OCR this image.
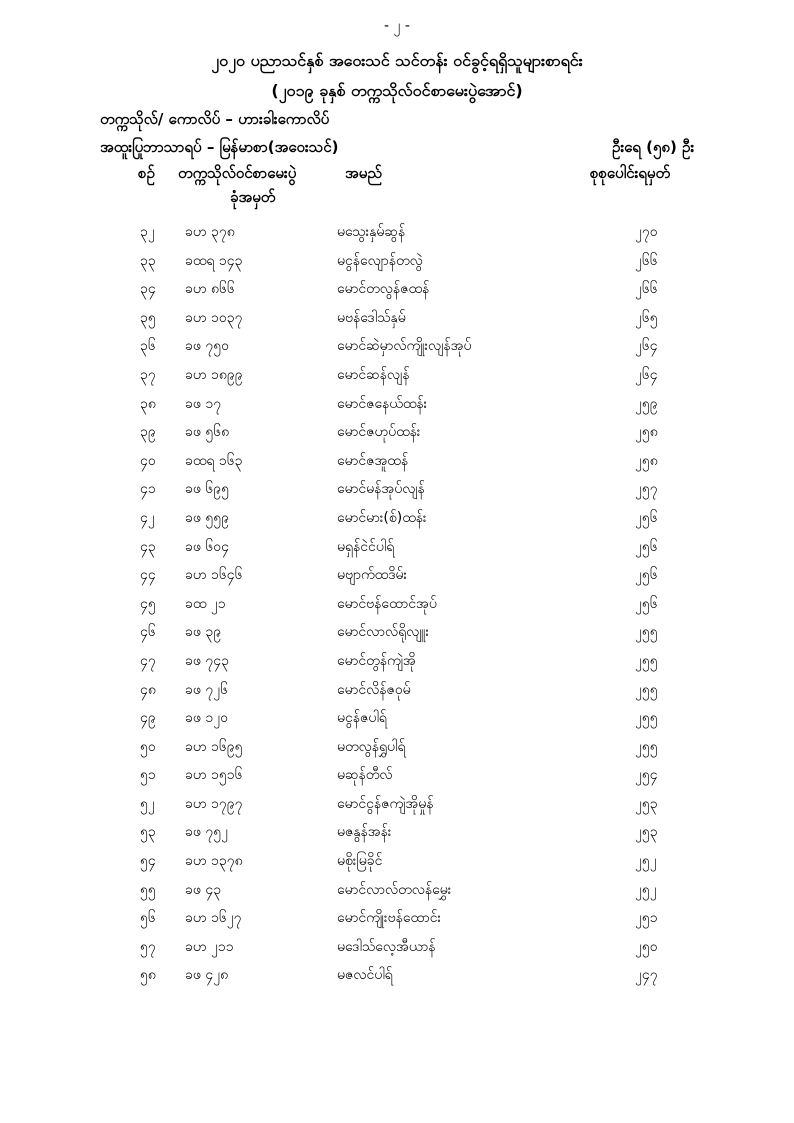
- ၂ -
၂၀၂၀ ပညာသင်နှစ် အဝေးသင် သင်တန်း ဝင်ခွင့်ရရှိသူများစာရင်း
(၂၀၁၉ ခုနှစ် တက္ကသိုလ်ဝင်စာမေးပွဲအောင်)
တက္ကသိုလ်/ ကောလိပ် – ဟားခါးကောလိပ်
အထူးပြုဘာသာရပ် – မြန်မာစာ(အဝေးသင်)	ဦးရေ (၅၈) ဦး
စဉ် တက္ကသိုလ်ဝင်စာမေးပွဲ
ခုံအမှတ်
အမည်	စုစုပေါင်းရမှတ်
၃၂ ခဟ ၃၇၈	မသွေးနှမ်ဆွန်	၂၇၀
၃၃ ခထရ ၁၄၃	မငွန်လျောန်တလွဲ	၂၆၆
၃၄ ခဟ ၈၆၆	မောင်တလွန်ဇထန်	၂၆၆
၃၅ ခဟ ၁၀၃၇	မဗန်ဒေါသ်နှမ်	၂၆၅
၃၆ ခဖ ၇၅၀	မောင်ဆဲမှာလ်ကျိုးလျန်အုပ်	၂၆၄
၃၇ ခဟ ၁၈၉၉	မောင်ဆန်လျန်	၂၆၄
၃၈ ခဖ ၁၇	မောင်ဇနေယ်ထန်း	၂၅၉
၃၉ ခဖ ၅၆၈	မောင်ဇဟုပ်ထန်း	၂၅၈
၄၀ ခထရ ၁၆၃	မောင်ဇအူထန်	၂၅၈
၄၁ ခဖ ၆၉၅	မောင်မန်အုပ်လျန်	၂၅၇
၄၂ ခဖ ၅၅၉	မောင်မား(စ်)ထန်း	၂၅၆
၄၃ ခဖ ၆၀၄	မရှန်ငဲင်ပါရ်	၂၅၆
၄၄ ခဟ ၁၆၄၆	မဗျာက်ထဒိမ်း	၂၅၆
၄၅ ခထ ၂၁	မောင်ဗန်ထောင်အုပ်	၂၅၆
၄၆ ခဖ ၃၉	မောင်လာလ်ရိုလျူး	၂၅၅
၄၇ ခဖ ၇၄၃	မောင်တွန်ကျဲအို	၂၅၅
၄၈ ခဖ ၇၂၆	မောင်လိန်ဇဝုမ်	၂၅၅
၄၉ ခဖ ၁၂၀	မငွန်ဇပါရ်	၂၅၅
၅၀ ခဟ ၁၆၉၅	မတလွန်ရွှပါရ်	၂၅၅
၅၁ ခဟ ၁၅၁၆	မဆုန်တီလ်	၂၅၄
၅၂ ခဟ ၁၇၉၇	မောင်ငွန်ဇကျဲအိုမှုန်	၂၅၃
၅၃ ခဖ ၇၅၂	မဇနွန်အန်း	၂၅၃
၅၄ ခဟ ၁၃၇၈	မစိုးမြခိုင်	၂၅၂
၅၅ ခဖ ၄၃	မောင်လာလ်တလန်မွှေး	၂၅၂
၅၆ ခဟ ၁၆၂၇	မောင်ကျိုးဗန်ထောင်း	၂၅၁
၅၇ ခဟ ၂၁၁	မဒေါသ်လေ့အီယာန်	၂၅၀
၅၈ ခဖ ၄၂၈	မဇလင်ပါရ်	၂၄၇
